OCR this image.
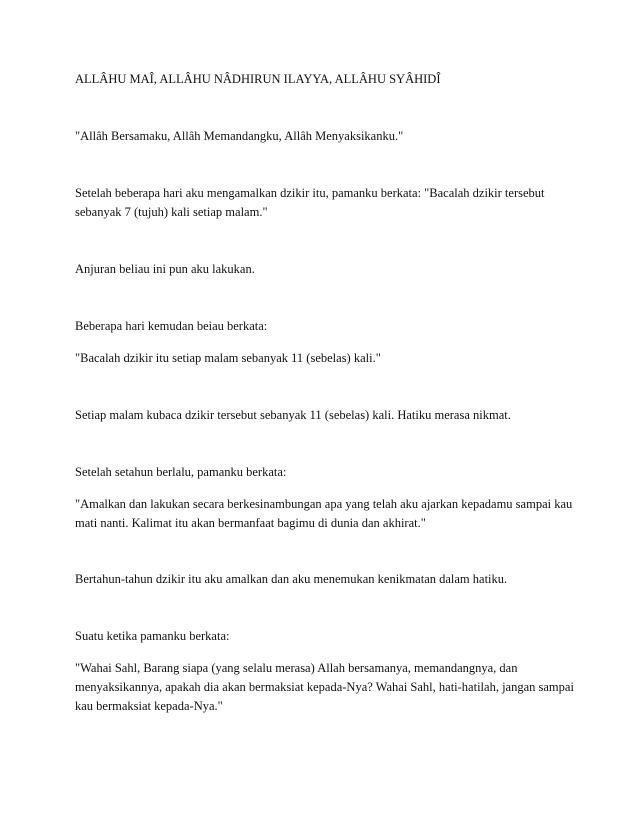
ALLÂHU MAÎ, ALLÂHU NÂDHIRUN ILAYYA, ALLÂHU SYÂHIDÎ

"Allâh Bersamaku, Allâh Memandangku, Allâh Menyaksikanku."

Setelah beberapa hari aku mengamalkan dzikir itu, pamanku berkata: "Bacalah dzikir tersebut sebanyak 7 (tujuh) kali setiap malam."

Anjuran beliau ini pun aku lakukan.

Beberapa hari kemudan beiau berkata:

"Bacalah dzikir itu setiap malam sebanyak 11 (sebelas) kali."

Setiap malam kubaca dzikir tersebut sebanyak 11 (sebelas) kali. Hatiku merasa nikmat.

Setelah setahun berlalu, pamanku berkata:

"Amalkan dan lakukan secara berkesinambungan apa yang telah aku ajarkan kepadamu sampai kau mati nanti. Kalimat itu akan bermanfaat bagimu di dunia dan akhirat."

Bertahun-tahun dzikir itu aku amalkan dan aku menemukan kenikmatan dalam hatiku.

Suatu ketika pamanku berkata:

"Wahai Sahl, Barang siapa (yang selalu merasa) Allah bersamanya, memandangnya, dan menyaksikannya, apakah dia akan bermaksiat kepada-Nya? Wahai Sahl, hati-hatilah, jangan sampai kau bermaksiat kepada-Nya."
